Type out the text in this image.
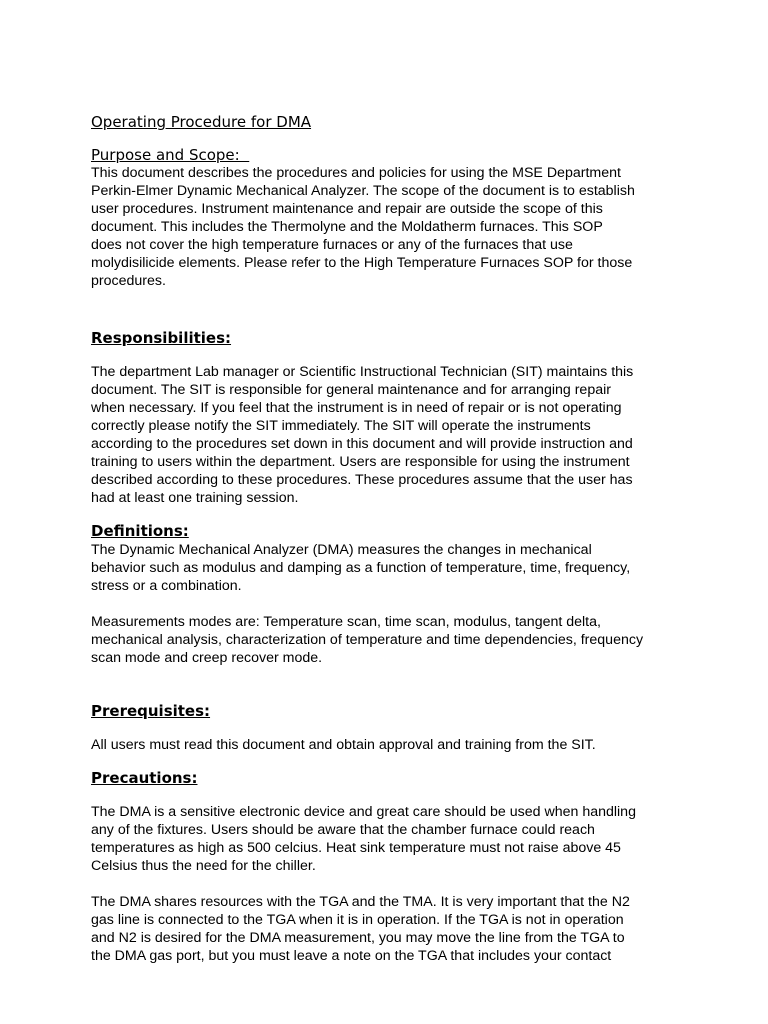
Operating Procedure for DMA
Purpose and Scope:

This document describes the procedures and policies for using the MSE Department
Perkin-Elmer Dynamic Mechanical Analyzer. The scope of the document is to establish
user procedures. Instrument maintenance and repair are outside the scope of this
document. This includes the Thermolyne and the Moldatherm furnaces. This SOP
does not cover the high temperature furnaces or any of the furnaces that use
molydisilicide elements. Please refer to the High Temperature Furnaces SOP for those
procedures.

Responsibilities:

The department Lab manager or Scientific Instructional Technician (SIT) maintains this
document. The SIT is responsible for general maintenance and for arranging repair
when necessary. If you feel that the instrument is in need of repair or is not operating
correctly please notify the SIT immediately. The SIT will operate the instruments
according to the procedures set down in this document and will provide instruction and
training to users within the department. Users are responsible for using the instrument
described according to these procedures. These procedures assume that the user has
had at least one training session.

Definitions:

The Dynamic Mechanical Analyzer (DMA) measures the changes in mechanical
behavior such as modulus and damping as a function of temperature, time, frequency,
stress or a combination.

Measurements modes are: Temperature scan, time scan, modulus, tangent delta,
mechanical analysis, characterization of temperature and time dependencies, frequency
scan mode and creep recover mode.

Prerequisites:

All users must read this document and obtain approval and training from the SIT.

Precautions:

The DMA is a sensitive electronic device and great care should be used when handling
any of the fixtures. Users should be aware that the chamber furnace could reach
temperatures as high as 500 celcius. Heat sink temperature must not raise above 45
Celsius thus the need for the chiller.

The DMA shares resources with the TGA and the TMA. It is very important that the N2
gas line is connected to the TGA when it is in operation. If the TGA is not in operation
and N2 is desired for the DMA measurement, you may move the line from the TGA to
the DMA gas port, but you must leave a note on the TGA that includes your contact
